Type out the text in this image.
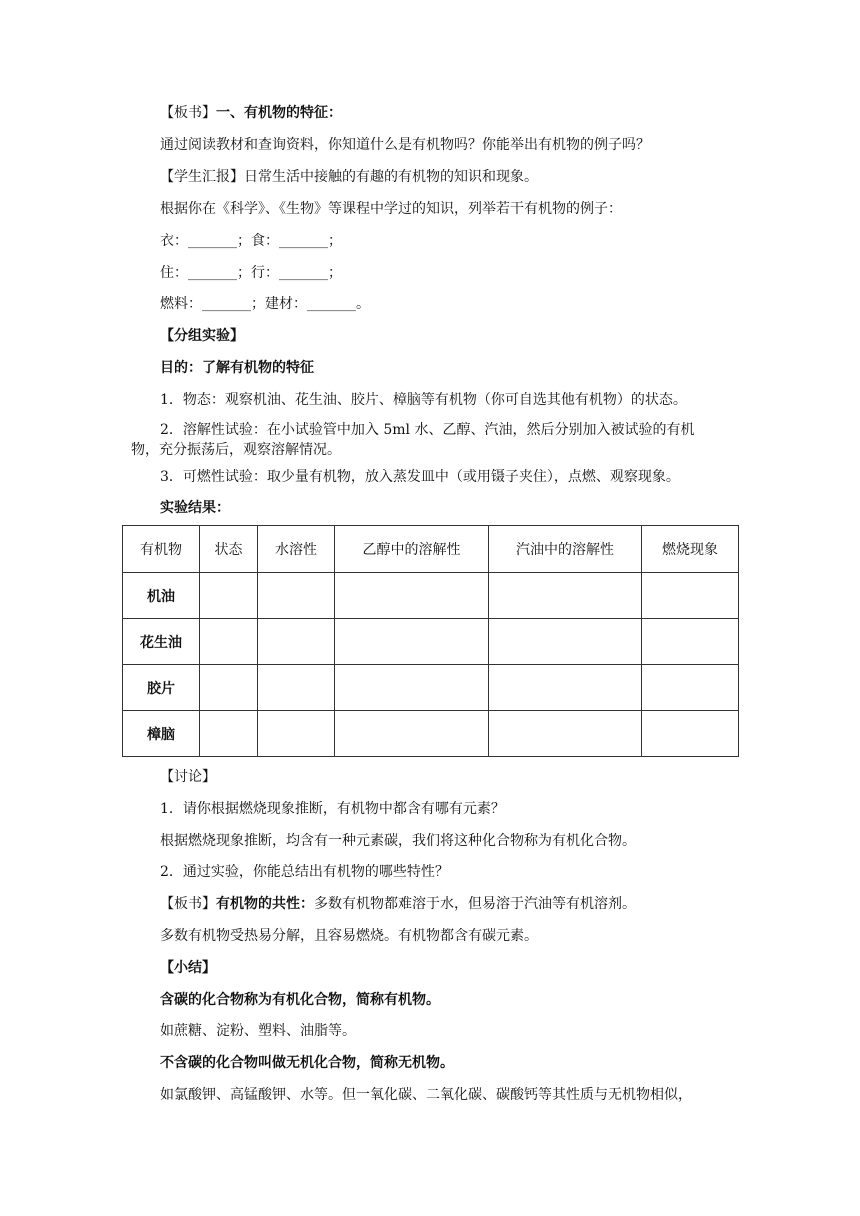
【板书】一、有机物的特征：
通过阅读教材和查询资料，你知道什么是有机物吗？你能举出有机物的例子吗？
【学生汇报】日常生活中接触的有趣的有机物的知识和现象。
根据你在《科学》、《生物》等课程中学过的知识，列举若干有机物的例子：
衣：_______；食：_______；
住：_______；行：_______；
燃料：_______；建材：_______。
【分组实验】
目的：了解有机物的特征
1．物态：观察机油、花生油、胶片、樟脑等有机物（你可自选其他有机物）的状态。
2．溶解性试验：在小试验管中加入 5ml 水、乙醇、汽油，然后分别加入被试验的有机
物，充分振荡后，观察溶解情况。
3．可燃性试验：取少量有机物，放入蒸发皿中（或用镊子夹住），点燃、观察现象。
实验结果：
有机物	状态	水溶性	乙醇中的溶解性	汽油中的溶解性	燃烧现象
机油					
花生油					
胶片					
樟脑					
【讨论】
1．请你根据燃烧现象推断，有机物中都含有哪有元素？
根据燃烧现象推断，均含有一种元素碳，我们将这种化合物称为有机化合物。
2．通过实验，你能总结出有机物的哪些特性？
【板书】有机物的共性：多数有机物都难溶于水，但易溶于汽油等有机溶剂。
多数有机物受热易分解，且容易燃烧。有机物都含有碳元素。
【小结】
含碳的化合物称为有机化合物，简称有机物。
如蔗糖、淀粉、塑料、油脂等。
不含碳的化合物叫做无机化合物，简称无机物。
如氯酸钾、高锰酸钾、水等。但一氧化碳、二氧化碳、碳酸钙等其性质与无机物相似，
